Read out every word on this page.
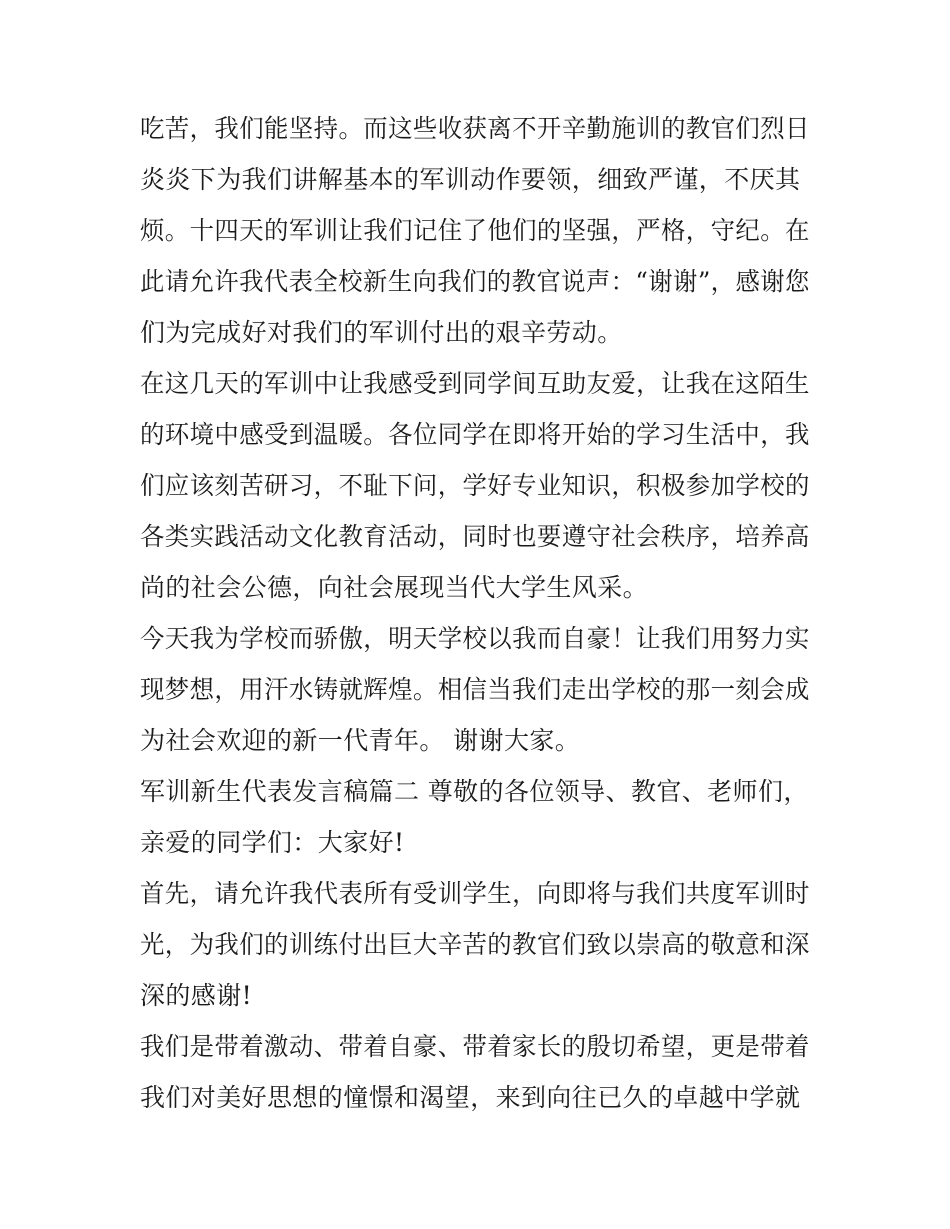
吃苦，我们能坚持。而这些收获离不开辛勤施训的教官们烈日

炎炎下为我们讲解基本的军训动作要领，细致严谨，不厌其

烦。十四天的军训让我们记住了他们的坚强，严格，守纪。在

此请允许我代表全校新生向我们的教官说声：“谢谢”，感谢您

们为完成好对我们的军训付出的艰辛劳动。

在这几天的军训中让我感受到同学间互助友爱，让我在这陌生

的环境中感受到温暖。各位同学在即将开始的学习生活中，我

们应该刻苦研习，不耻下问，学好专业知识，积极参加学校的

各类实践活动文化教育活动，同时也要遵守社会秩序，培养高

尚的社会公德，向社会展现当代大学生风采。

今天我为学校而骄傲，明天学校以我而自豪！让我们用努力实

现梦想，用汗水铸就辉煌。相信当我们走出学校的那一刻会成

为社会欢迎的新一代青年。 谢谢大家。

军训新生代表发言稿篇二 尊敬的各位领导、教官、老师们，

亲爱的同学们：大家好!

首先，请允许我代表所有受训学生，向即将与我们共度军训时

光，为我们的训练付出巨大辛苦的教官们致以崇高的敬意和深

深的感谢!

我们是带着激动、带着自豪、带着家长的殷切希望，更是带着

我们对美好思想的憧憬和渴望，来到向往已久的卓越中学就
